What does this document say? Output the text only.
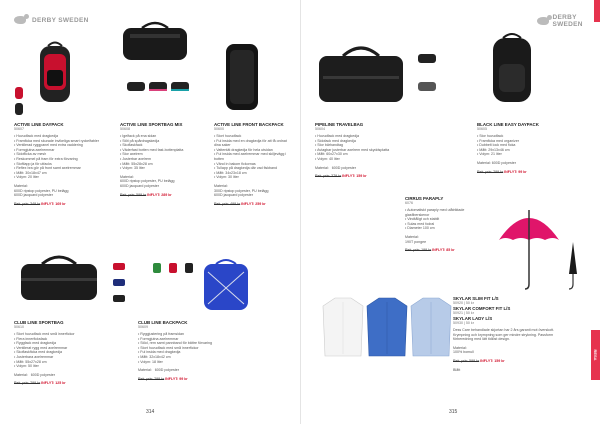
ACTIVE LINE DAYPACK
50607
• Huvudfack med dragkedja
• Framficka med skurade invikeliga smart ryckelfabler
• Ventilerad ryggpanel med extra vaddering
• Formgjutna axelremmar
• Sidoflicka av mesh
• Reskommel på fram för extra förvaring
• Stoftlapp ja för utfacks
• Reflex bra gör på front samt axelremmar
• Mått: 30x18x47 cm
• Volym: 20 liter
Material:
600D ripstop polyester, PU belägg
600D jacquard polyester
Rek. pris: 349 kr INFLYT: 169 kr
ACTIVE LINE SPORTBAG MIX
50608
• Igelfack på ena sidan
• Stöt på spårdragskedja
• Skoflaskfack
• Väderfast botten med fast-bottenplatta
• Stor axelrem
• Justerbar axelrem
• Mått: 55x28x28 cm
• Volym: 35 liter
Material:
600D ripstop polyester, PU belägg
600D jacquard polyester
Rek. pris: 599 kr INFLYT: 289 kr
ACTIVE LINE FRONT BACKPACK
50600
• Stort huvudfack
• Ful insida med en dragkedja för att få ordnat dina saker
• Vattentät dragkedja för hela utsidan
• Ful insida med axelremmar med skiljevägg i botten
• Vänd in bakom fickornas
• Tullapp på dragkedja där vad fiskband
• Mått: 34x23x18 cm
• Volym: 30 liter
Material:
300D ripstop polyester, PU belägg
600D jacquard polyester
Rek. pris: 499 kr INFLYT: 259 kr
CLUB LINE SPORTBAG
50610
• Stort huvudfack med små innerfickor
• Flera innerficksfack
• Ryggfack med dragkedja
• Ventilerat rygg med axelremmar
• Skoflaskficka med dragkedja
• Justerbara axelremmar
• Mått: 55x27x28 cm
• Volym: 50 liter
Material: 600D polyester
Rek. pris: 299 kr INFLYT: 125 kr
CLUB LINE BACKPACK
50609
• Ryggjustering på framsidan
• Formgjutna axelremmar
• Stöd, rem samt pannband för bättre förvaring
• Stort huvudfack med små innerfickor
• Ful insida med dragkedja
• Mått: 32x18x42 cm
• Volym: 18 liter
Material: 600D polyester
Rek. pris: 299 kr INFLYT: 99 kr
314
DERBY SWEDEN
PIPELINE TRAVELBAG
50604
• Huvudfack med dragkedja
• Sidofack med dragkedja
• Stor bärhandtag
• Avtagbar justerbar axelrem med skyddsplatta
• Mått: 60x27x30 cm
• Volym: 40 liter
Material: 600D polyester
Rek. pris: 379 kr INFLYT: 159 kr
BLACK LINE EASY DAYPACK
50605
• Stor huvudfack
• Framficka med organizer
• Dubbelt lock med ficka
• Mått: 29x13x46 cm
• Volym: 21 liter
Material: 600D polyester
Rek. pris: 299 kr INFLYT: 99 kr
CIRRUS PARAPLY
6076
• Automatiskt paraply med utåtriktade glasfiberskenor
• Vindtåligt och stabilt
• Sulas med fodral
• Diameter 100 cm
Material:
190T pongee
Rek. pris: 199 kr INFLYT: 85 kr
SKYLAR SLIM FIT L/S
50920 | 50 kr
SKYLAR COMFORT FIT L/S
50921 | 50 kr
SKYLAR LADY L/S
50930 | 50 kr
Dess Care behandlade skjortan har 2 års garanti mot överskott. Krympning och krympning som ger mindre strykning. Passform förberedning med lätt tidlöst design.
Material:
100% bomull
Rek. pris: 599 kr INFLYT: 159 kr
Blått
315
RESA
DERBY SWEDEN
